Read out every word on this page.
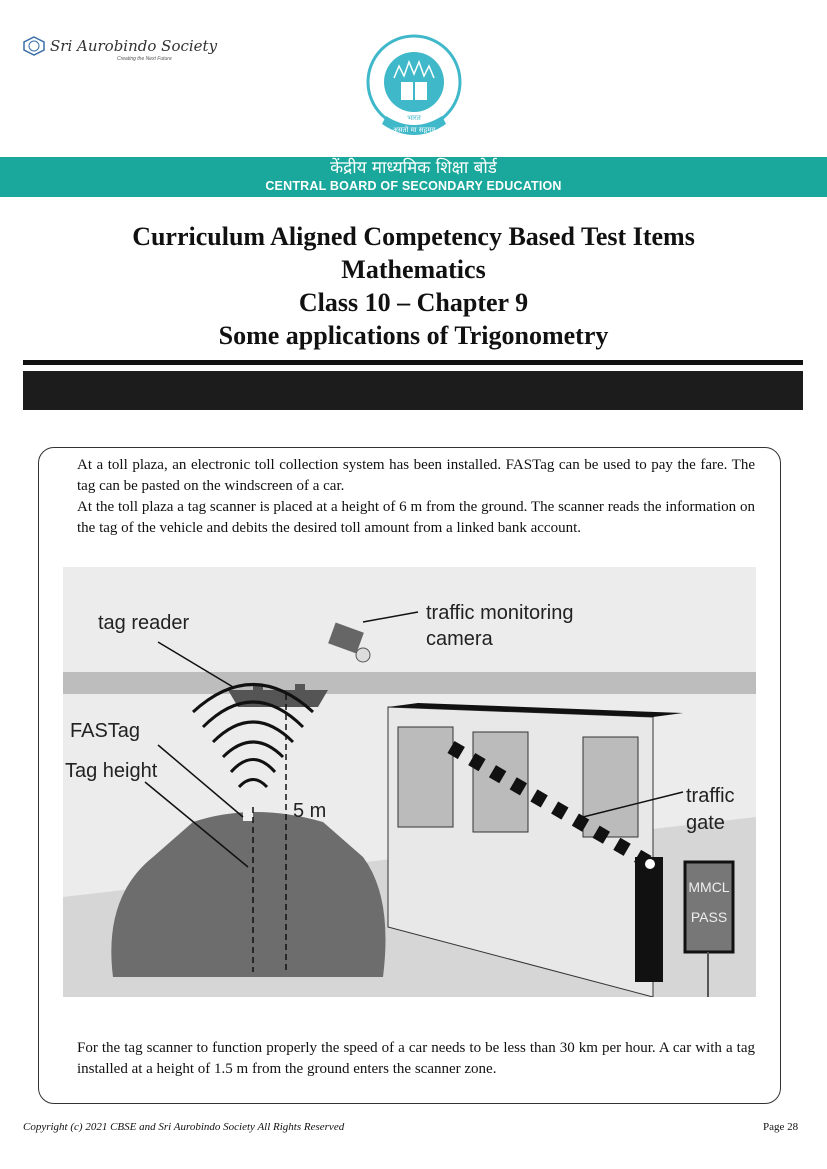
Sri Aurobindo Society
Creating the Next Future
असतो मा सद्गमय
भारत
केंद्रीय माध्यमिक शिक्षा बोर्ड
CENTRAL BOARD OF SECONDARY EDUCATION
Curriculum Aligned Competency Based Test Items
Mathematics
Class 10 – Chapter 9
Some applications of Trigonometry
At a toll plaza, an electronic toll collection system has been installed. FASTag can be used to pay the fare. The tag can be pasted on the windscreen of a car.
At the toll plaza a tag scanner is placed at a height of 6 m from the ground. The scanner reads the information on the tag of the vehicle and debits the desired toll amount from a linked bank account.
MMCL
PASS
tag reader	traffic monitoring
camera
FASTag
Tag height
5 m
traffic
gate
For the tag scanner to function properly the speed of a car needs to be less than 30 km per hour. A car with a tag installed at a height of 1.5 m from the ground enters the scanner zone.
Copyright (c) 2021 CBSE and Sri Aurobindo Society All Rights Reserved	Page 28
